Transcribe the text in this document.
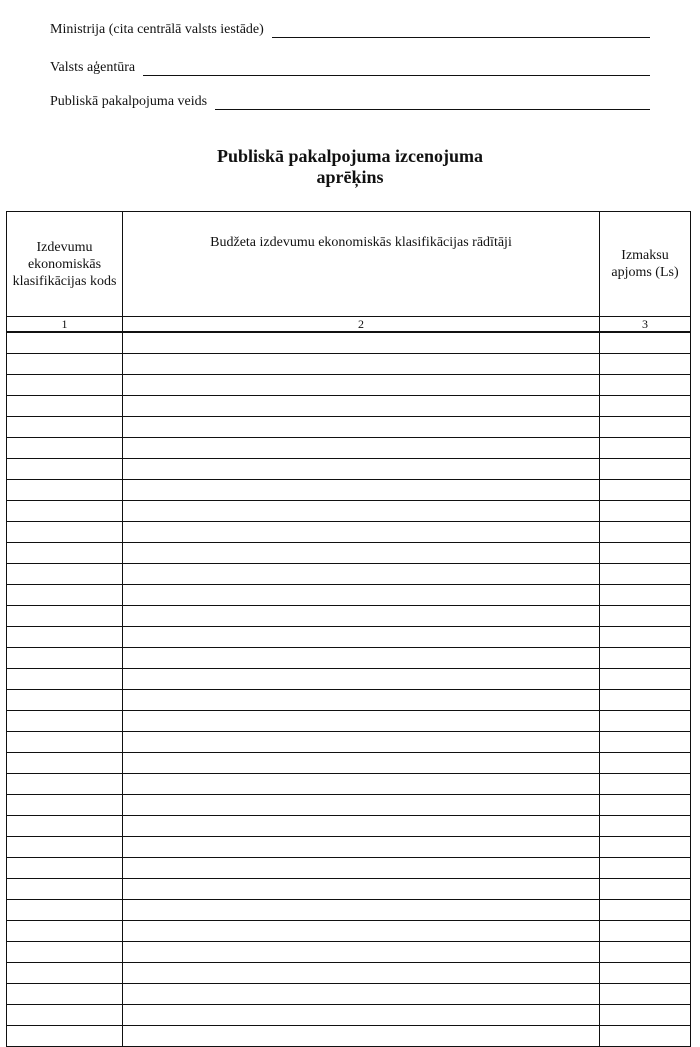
Ministrija (cita centrālā valsts iestāde)
Valsts aģentūra
Publiskā pakalpojuma veids
Publiskā pakalpojuma izcenojuma
aprēķins
Izdevumu ekonomiskās klasifikācijas kods	Budžeta izdevumu ekonomiskās klasifikācijas rādītāji	Izmaksu apjoms (Ls)
1	2	3
